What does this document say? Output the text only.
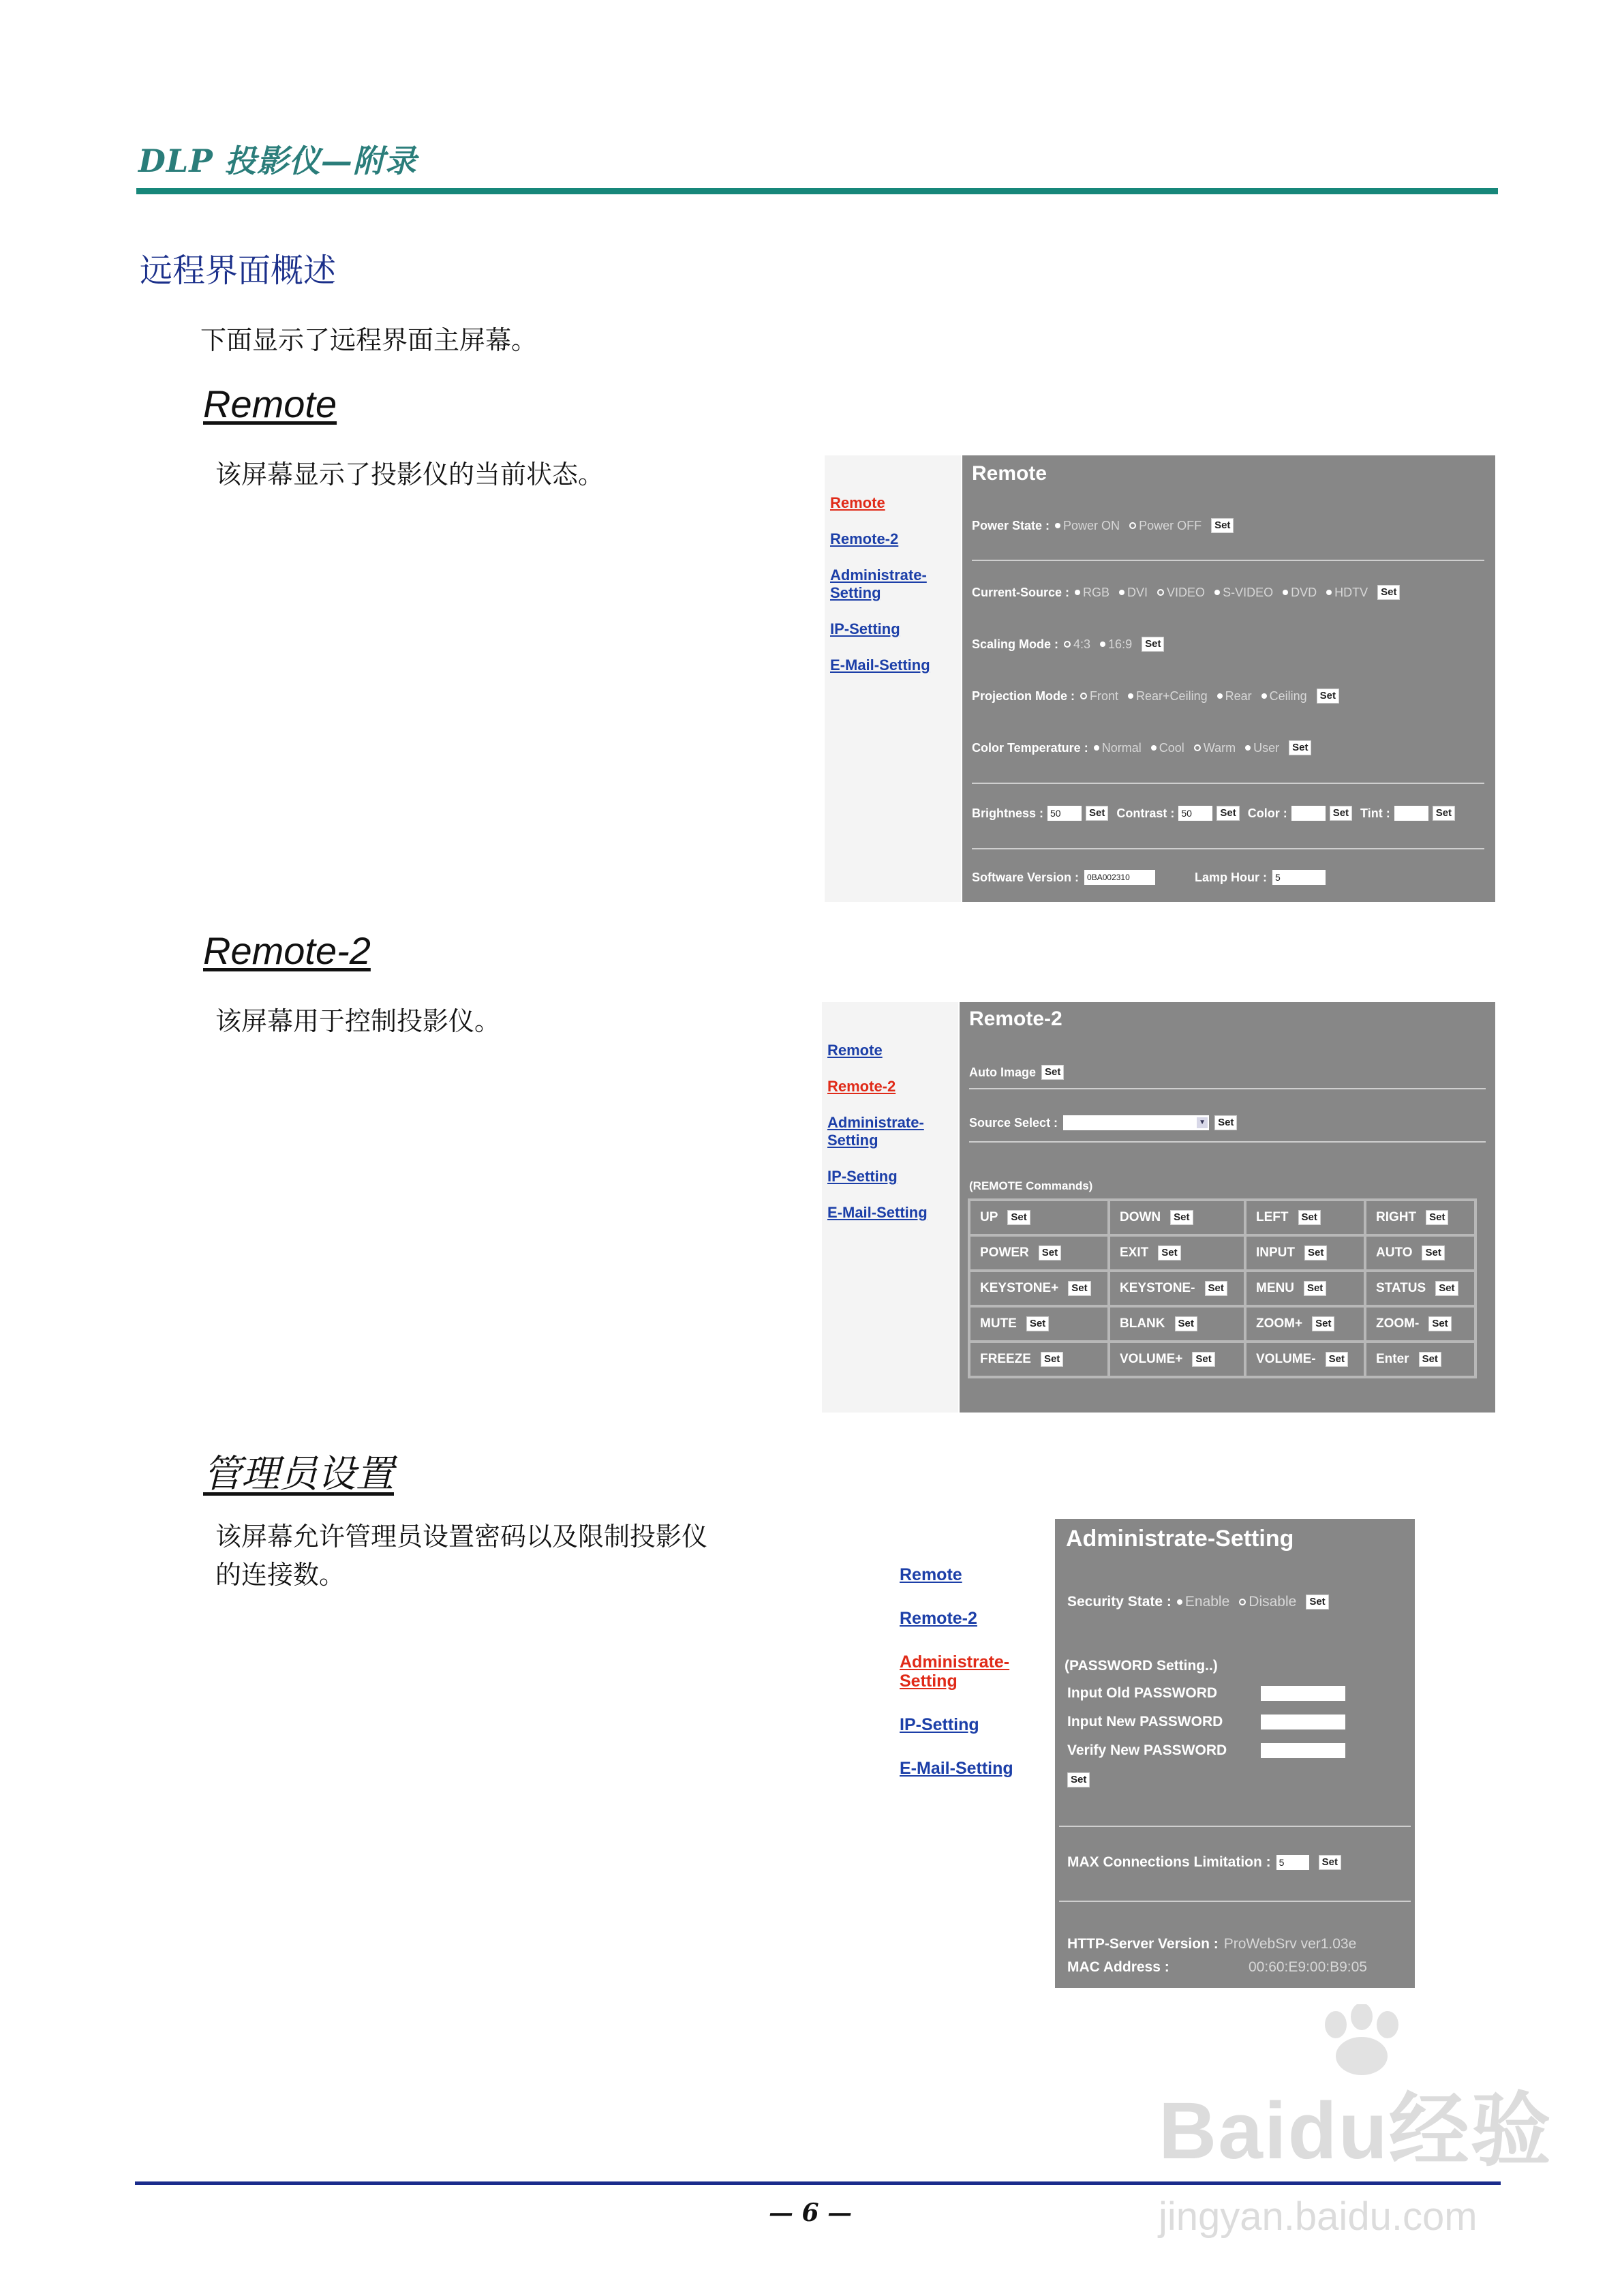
DLP 投影仪—附录
远程界面概述
下面显示了远程界面主屏幕。
Remote
该屏幕显示了投影仪的当前状态。
Remote
Remote-2
Administrate-
Setting
IP-Setting
E-Mail-Setting
Remote
Power State : Power ON Power OFF	Set
Current-Source : RGB DVI VIDEO S-VIDEO DVD HDTV	Set
Scaling Mode : 4:3 16:9	Set
Projection Mode : Front Rear+Ceiling Rear Ceiling	Set
Color Temperature : Normal Cool Warm User	Set
Brightness : 50	Set Contrast : 50	Set Color :	Set Tint :	Set
Software Version :	0BA002310	Lamp Hour : 5
Remote-2
该屏幕用于控制投影仪。
Remote
Remote-2
Administrate-
Setting
IP-Setting
E-Mail-Setting
Remote-2
Auto Image Set
Source Select :	▼	Set
(REMOTE Commands)
UP	Set	DOWN	Set	LEFT	Set	RIGHT	Set
POWER	Set	EXIT	Set	INPUT	Set	AUTO	Set
KEYSTONE+	Set KEYSTONE-	Set MENU	Set	STATUS	Set
MUTE	Set	BLANK	Set	ZOOM+	Set	ZOOM-	Set
FREEZE	Set	VOLUME+	Set	VOLUME-	Set Enter	Set
管理员设置
该屏幕允许管理员设置密码以及限制投影仪
的连接数。	Remote
Remote-2
Administrate-
Setting
IP-Setting
E-Mail-Setting
Administrate-Setting
Security State : Enable Disable	Set
(PASSWORD Setting..)
Input Old PASSWORD
Input New PASSWORD
Verify New PASSWORD
Set
MAX Connections Limitation : 5	Set
HTTP-Server Version : ProWebSrv ver1.03e
MAC Address :	00:60:E9:00:B9:05
— 6 —
Baidu经验
jingyan.baidu.com
